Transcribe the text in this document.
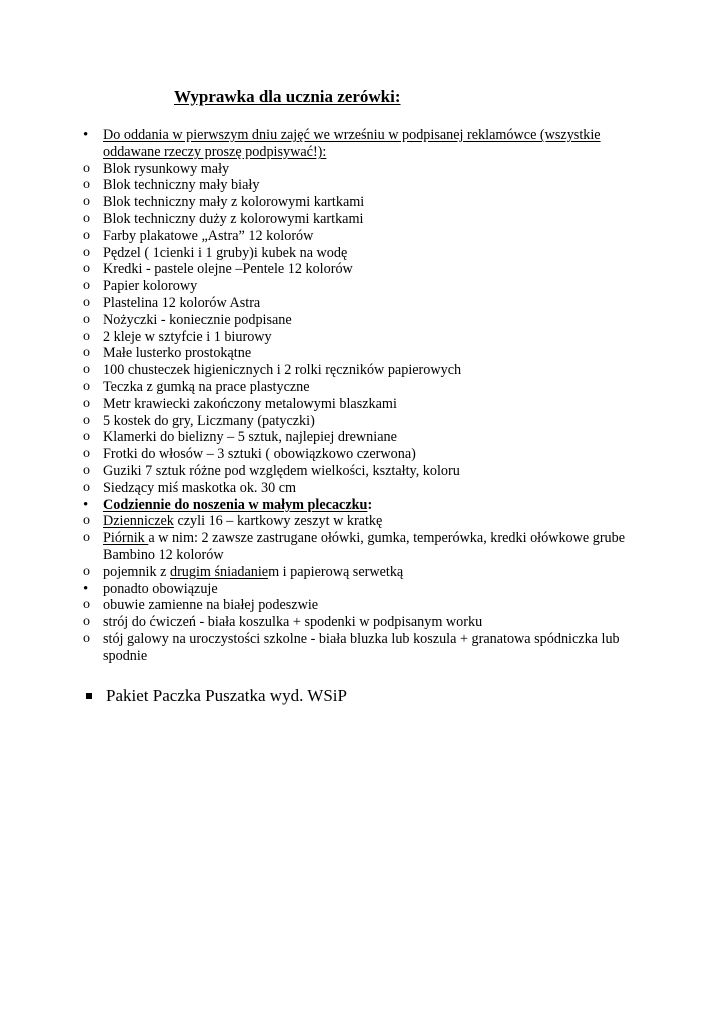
Wyprawka dla ucznia zerówki:
•	Do oddania w pierwszym dniu zajęć we wrześniu w podpisanej reklamówce (wszystkie oddawane rzeczy proszę podpisywać!):
o Blok rysunkowy mały
o Blok techniczny mały biały
o Blok techniczny mały z kolorowymi kartkami
o Blok techniczny duży z kolorowymi kartkami
o Farby plakatowe „Astra” 12 kolorów
o Pędzel ( 1cienki i 1 gruby)i kubek na wodę
o Kredki - pastele olejne –Pentele 12 kolorów
o Papier kolorowy
o Plastelina 12 kolorów Astra
o Nożyczki - koniecznie podpisane
o 2 kleje w sztyfcie i 1 biurowy
o Małe lusterko prostokątne
o 100 chusteczek higienicznych i 2 rolki ręczników papierowych
o Teczka z gumką na prace plastyczne
o Metr krawiecki zakończony metalowymi blaszkami
o 5 kostek do gry, Liczmany (patyczki)
o Klamerki do bielizny – 5 sztuk, najlepiej drewniane
o Frotki do włosów – 3 sztuki ( obowiązkowo czerwona)
o Guziki 7 sztuk różne pod względem wielkości, kształty, koloru
o Siedzący miś maskotka ok. 30 cm
•	Codziennie do noszenia w małym plecaczku:
o Dzienniczek czyli 16 – kartkowy zeszyt w kratkę
o Piórnik a w nim: 2 zawsze zastrugane ołówki, gumka, temperówka, kredki ołówkowe grube Bambino 12 kolorów
o pojemnik z drugim śniadaniem i papierową serwetką
•	ponadto obowiązuje
o obuwie zamienne na białej podeszwie
o strój do ćwiczeń - biała koszulka + spodenki w podpisanym worku
o stój galowy na uroczystości szkolne - biała bluzka lub koszula + granatowa spódniczka lub spodnie
Pakiet Paczka Puszatka wyd. WSiP
